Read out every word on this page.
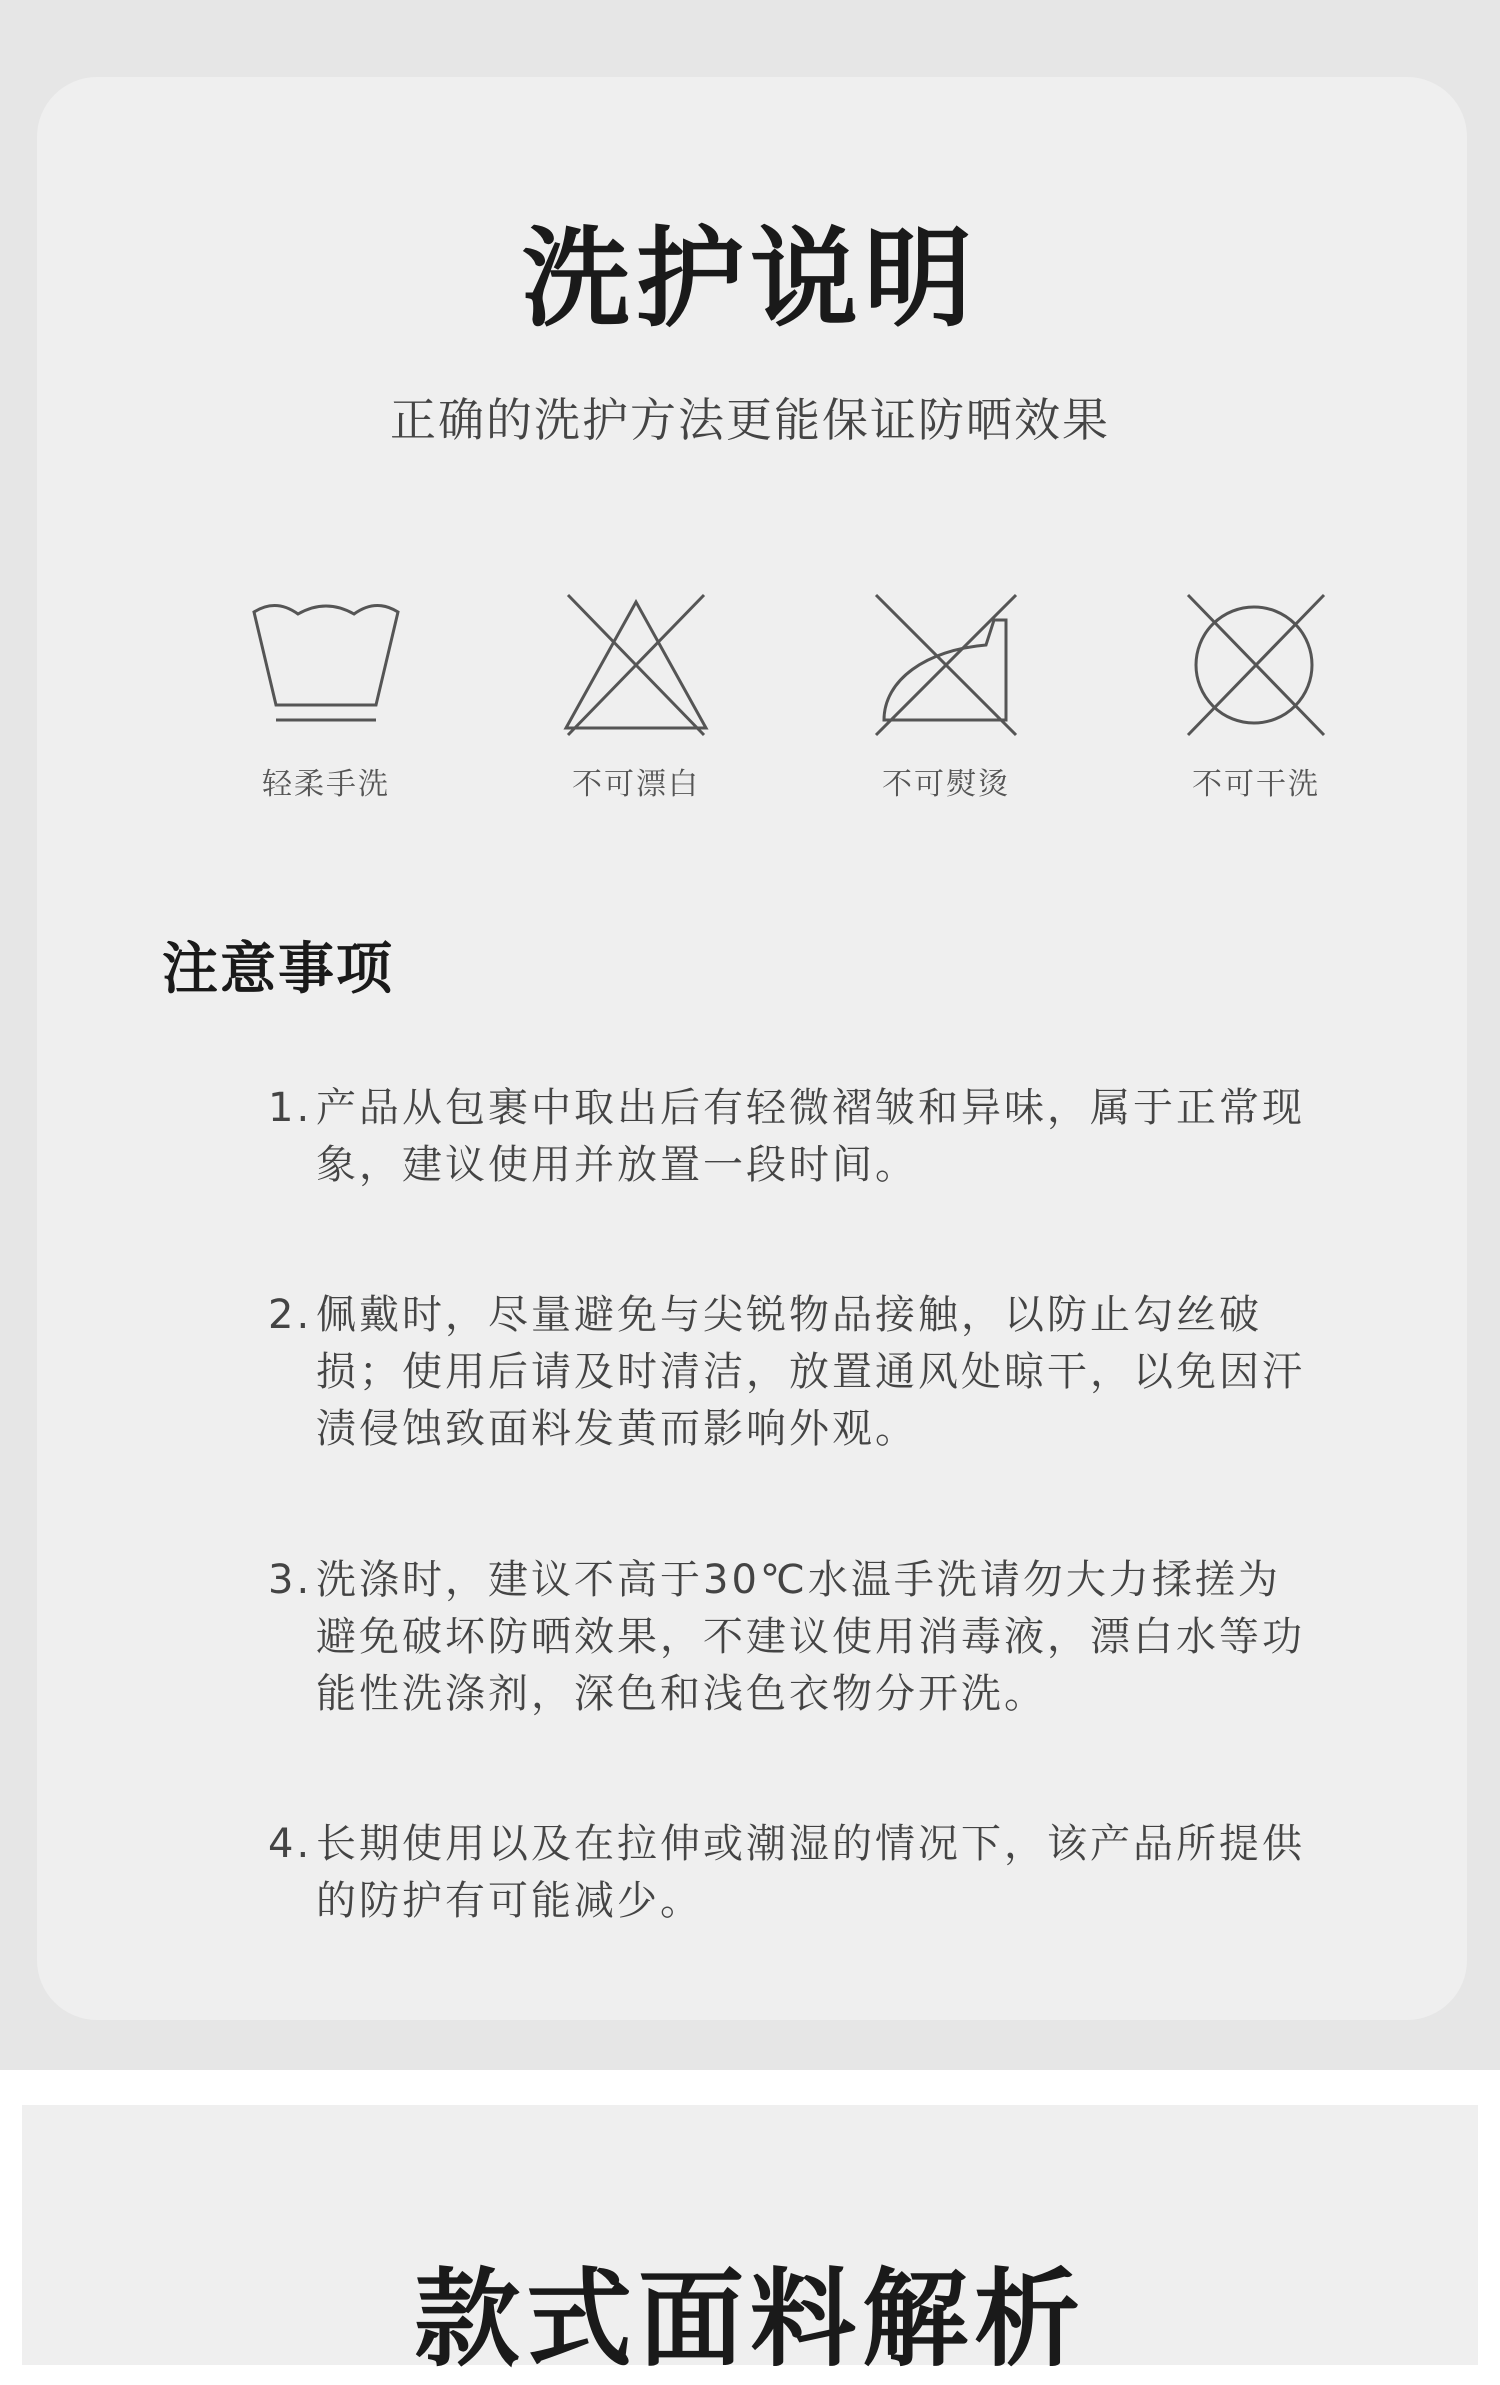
洗护说明
正确的洗护方法更能保证防晒效果
轻柔手洗	不可漂白	不可熨烫	不可干洗
注意事项
1. 产品从包裹中取出后有轻微褶皱和异味，属于正常现象，建议使用并放置一段时间。
2. 佩戴时，尽量避免与尖锐物品接触，以防止勾丝破损；使用后请及时清洁，放置通风处晾干，以免因汗渍侵蚀致面料发黄而影响外观。
3. 洗涤时，建议不高于30℃水温手洗请勿大力揉搓为避免破坏防晒效果，不建议使用消毒液，漂白水等功能性洗涤剂，深色和浅色衣物分开洗。
4. 长期使用以及在拉伸或潮湿的情况下，该产品所提供的防护有可能减少。
款式面料解析
